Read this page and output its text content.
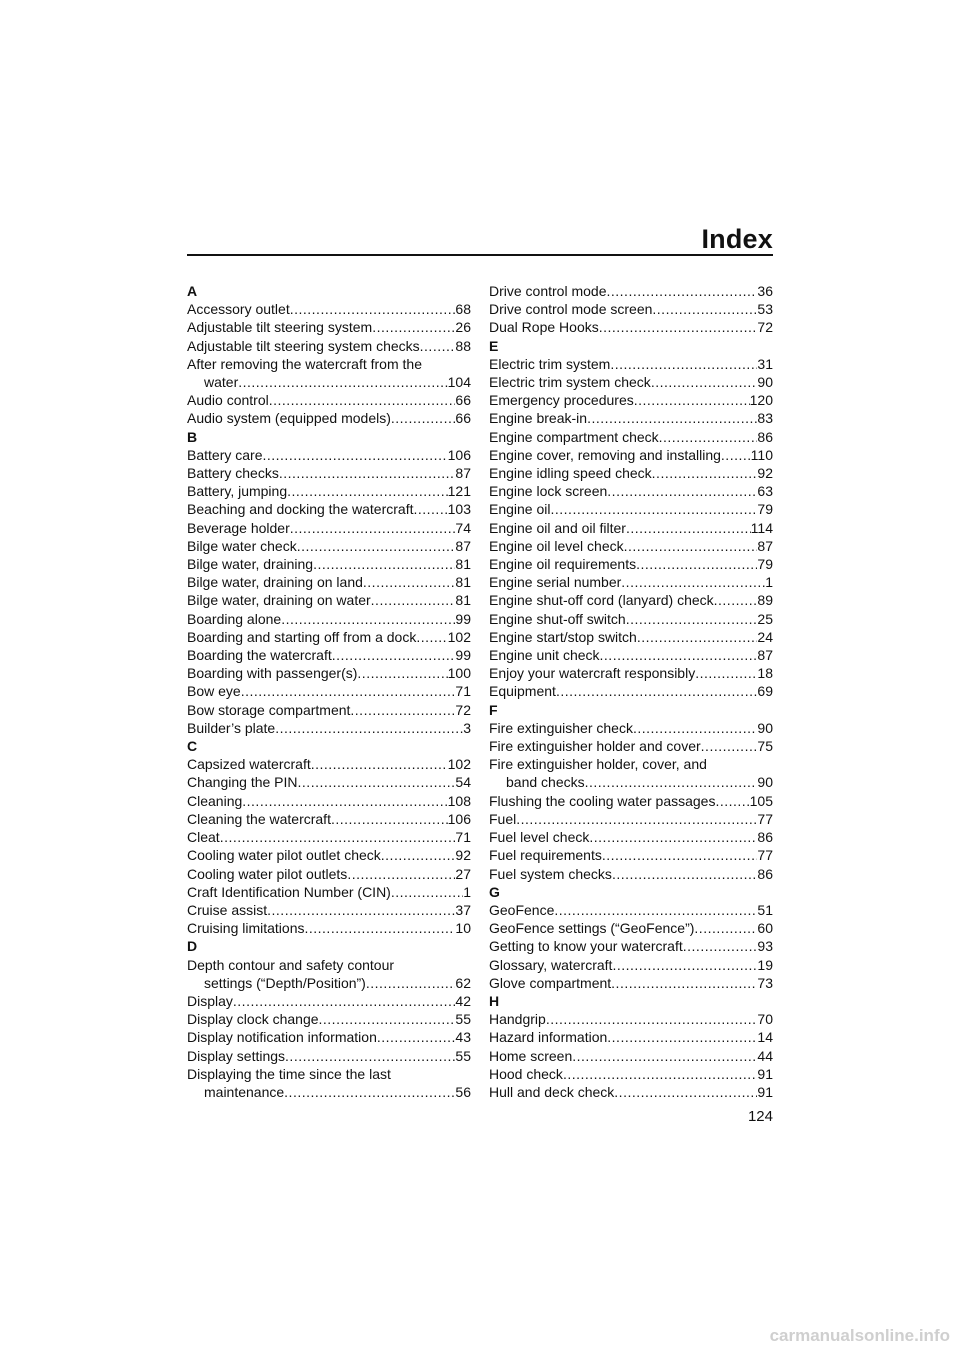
Index
A
Accessory outlet .....	68
Adjustable tilt steering system .....	26
Adjustable tilt steering system checks .....	88
After removing the watercraft from the
water .....	104
Audio control .....	66
Audio system (equipped models) .....	66
B
Battery care .....	106
Battery checks .....	87
Battery, jumping .....	121
Beaching and docking the watercraft ..... 103
Beverage holder .....	74
Bilge water check .....	87
Bilge water, draining .....	81
Bilge water, draining on land .....	81
Bilge water, draining on water .....	81
Boarding alone .....	99
Boarding and starting off from a dock ..... 102
Boarding the watercraft .....	99
Boarding with passenger(s) .....	100
Bow eye .....	71
Bow storage compartment .....	72
Builder’s plate .....	3
C
Capsized watercraft .....	102
Changing the PIN .....	54
Cleaning .....	108
Cleaning the watercraft .....	106
Cleat .....	71
Cooling water pilot outlet check .....	92
Cooling water pilot outlets .....	27
Craft Identification Number (CIN) .....	1
Cruise assist .....	37
Cruising limitations .....	10
D
Depth contour and safety contour
settings (“Depth/Position”) .....	62
Display .....	42
Display clock change .....	55
Display notification information .....	43
Display settings .....	55
Displaying the time since the last
maintenance .....	56
Drive control mode .....	36
Drive control mode screen .....	53
Dual Rope Hooks .....	72
E
Electric trim system .....	31
Electric trim system check .....	90
Emergency procedures .....	120
Engine break-in .....	83
Engine compartment check .....	86
Engine cover, removing and installing ..... 110
Engine idling speed check .....	92
Engine lock screen .....	63
Engine oil .....	79
Engine oil and oil filter .....	114
Engine oil level check .....	87
Engine oil requirements .....	79
Engine serial number .....	1
Engine shut-off cord (lanyard) check .....	89
Engine shut-off switch .....	25
Engine start/stop switch .....	24
Engine unit check .....	87
Enjoy your watercraft responsibly .....	18
Equipment .....	69
F
Fire extinguisher check .....	90
Fire extinguisher holder and cover .....	75
Fire extinguisher holder, cover, and
band checks .....	90
Flushing the cooling water passages ..... 105
Fuel .....	77
Fuel level check .....	86
Fuel requirements .....	77
Fuel system checks .....	86
G
GeoFence .....	51
GeoFence settings (“GeoFence”) .....	60
Getting to know your watercraft .....	93
Glossary, watercraft .....	19
Glove compartment .....	73
H
Handgrip .....	70
Hazard information .....	14
Home screen .....	44
Hood check .....	91
Hull and deck check .....	91
124
carmanualsonline.info
